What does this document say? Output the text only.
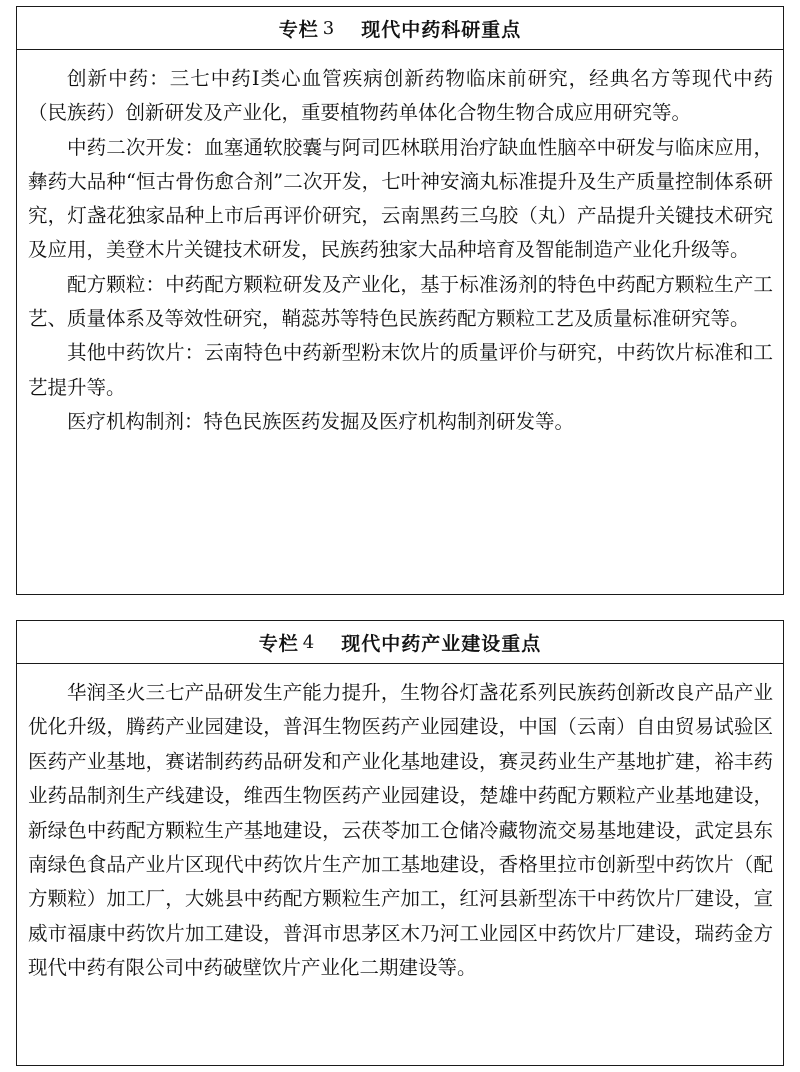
专栏 3 现代中药科研重点

创新中药：三七中药Ⅰ类心血管疾病创新药物临床前研究，经典名方等现代中药（民族药）创新研发及产业化，重要植物药单体化合物生物合成应用研究等。

中药二次开发：血塞通软胶囊与阿司匹林联用治疗缺血性脑卒中研发与临床应用，彝药大品种“恒古骨伤愈合剂”二次开发，七叶神安滴丸标准提升及生产质量控制体系研究，灯盏花独家品种上市后再评价研究，云南黑药三乌胶（丸）产品提升关键技术研究及应用，美登木片关键技术研发，民族药独家大品种培育及智能制造产业化升级等。

配方颗粒：中药配方颗粒研发及产业化，基于标准汤剂的特色中药配方颗粒生产工艺、质量体系及等效性研究，鞘蕊苏等特色民族药配方颗粒工艺及质量标准研究等。

其他中药饮片：云南特色中药新型粉末饮片的质量评价与研究，中药饮片标准和工艺提升等。

医疗机构制剂：特色民族医药发掘及医疗机构制剂研发等。

专栏 4 现代中药产业建设重点

华润圣火三七产品研发生产能力提升，生物谷灯盏花系列民族药创新改良产品产业优化升级，腾药产业园建设，普洱生物医药产业园建设，中国（云南）自由贸易试验区医药产业基地，赛诺制药药品研发和产业化基地建设，赛灵药业生产基地扩建，裕丰药业药品制剂生产线建设，维西生物医药产业园建设，楚雄中药配方颗粒产业基地建设，新绿色中药配方颗粒生产基地建设，云茯苓加工仓储冷藏物流交易基地建设，武定县东南绿色食品产业片区现代中药饮片生产加工基地建设，香格里拉市创新型中药饮片（配方颗粒）加工厂，大姚县中药配方颗粒生产加工，红河县新型冻干中药饮片厂建设，宣威市福康中药饮片加工建设，普洱市思茅区木乃河工业园区中药饮片厂建设，瑞药金方现代中药有限公司中药破壁饮片产业化二期建设等。
